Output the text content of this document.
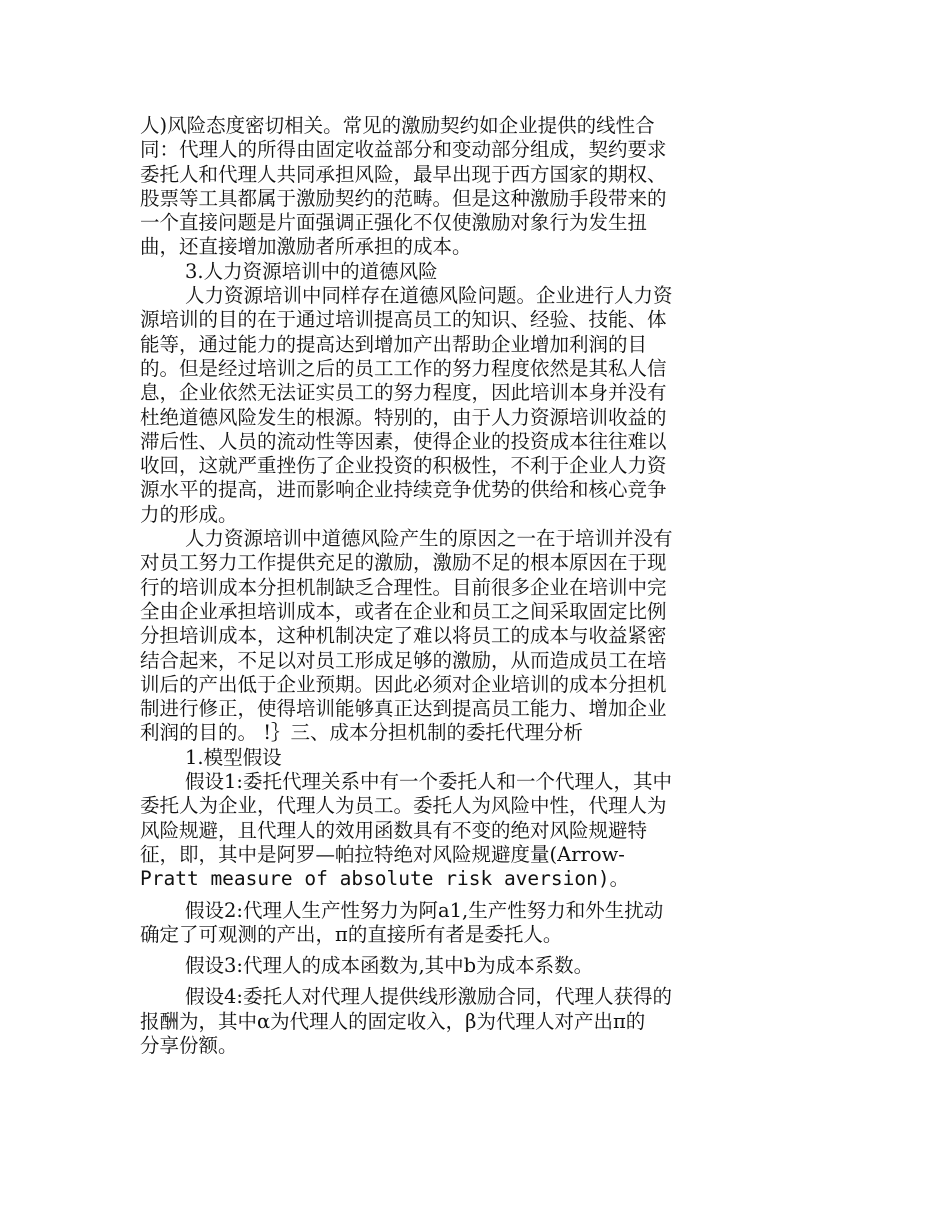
人)风险态度密切相关。常见的激励契约如企业提供的线性合
同：代理人的所得由固定收益部分和变动部分组成，契约要求
委托人和代理人共同承担风险，最早出现于西方国家的期权、
股票等工具都属于激励契约的范畴。但是这种激励手段带来的
一个直接问题是片面强调正强化不仅使激励对象行为发生扭
曲，还直接增加激励者所承担的成本。
3.人力资源培训中的道德风险
人力资源培训中同样存在道德风险问题。企业进行人力资
源培训的目的在于通过培训提高员工的知识、经验、技能、体
能等，通过能力的提高达到增加产出帮助企业增加利润的目
的。但是经过培训之后的员工工作的努力程度依然是其私人信
息，企业依然无法证实员工的努力程度，因此培训本身并没有
杜绝道德风险发生的根源。特别的，由于人力资源培训收益的
滞后性、人员的流动性等因素，使得企业的投资成本往往难以
收回，这就严重挫伤了企业投资的积极性，不利于企业人力资
源水平的提高，进而影响企业持续竞争优势的供给和核心竞争
力的形成。
人力资源培训中道德风险产生的原因之一在于培训并没有
对员工努力工作提供充足的激励，激励不足的根本原因在于现
行的培训成本分担机制缺乏合理性。目前很多企业在培训中完
全由企业承担培训成本，或者在企业和员工之间采取固定比例
分担培训成本，这种机制决定了难以将员工的成本与收益紧密
结合起来，不足以对员工形成足够的激励，从而造成员工在培
训后的产出低于企业预期。因此必须对企业培训的成本分担机
制进行修正，使得培训能够真正达到提高员工能力、增加企业
利润的目的。 !｝三、成本分担机制的委托代理分析
1.模型假设
假设1:委托代理关系中有一个委托人和一个代理人，其中
委托人为企业，代理人为员工。委托人为风险中性，代理人为
风险规避，且代理人的效用函数具有不变的绝对风险规避特
征，即，其中是阿罗—帕拉特绝对风险规避度量(Arrow-
Pratt measure of absolute risk aversion)。
假设2:代理人生产性努力为阿a1,生产性努力和外生扰动
确定了可观测的产出，π的直接所有者是委托人。
假设3:代理人的成本函数为,其中b为成本系数。
假设4:委托人对代理人提供线形激励合同，代理人获得的
报酬为，其中α为代理人的固定收入，β为代理人对产出π的
分享份额。
